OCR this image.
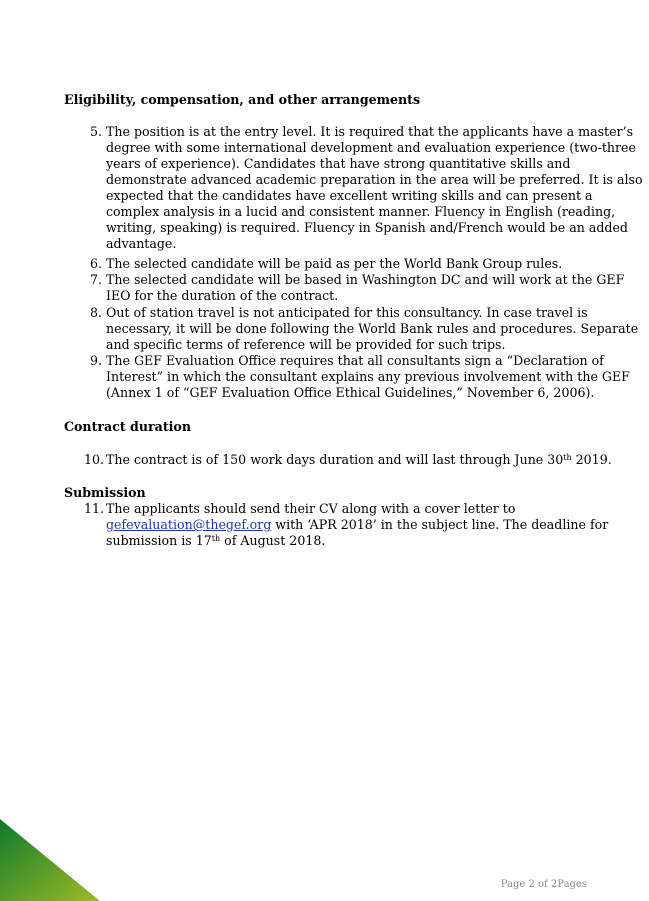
Eligibility, compensation, and other arrangements
5. The position is at the entry level. It is required that the applicants have a master’s
degree with some international development and evaluation experience (two-three
years of experience). Candidates that have strong quantitative skills and
demonstrate advanced academic preparation in the area will be preferred. It is also
expected that the candidates have excellent writing skills and can present a
complex analysis in a lucid and consistent manner. Fluency in English (reading,
writing, speaking) is required. Fluency in Spanish and/French would be an added
advantage.
6. The selected candidate will be paid as per the World Bank Group rules.
7. The selected candidate will be based in Washington DC and will work at the GEF
IEO for the duration of the contract.
8. Out of station travel is not anticipated for this consultancy. In case travel is
necessary, it will be done following the World Bank rules and procedures. Separate
and specific terms of reference will be provided for such trips.
9. The GEF Evaluation Office requires that all consultants sign a “Declaration of
Interest” in which the consultant explains any previous involvement with the GEF
(Annex 1 of “GEF Evaluation Office Ethical Guidelines,” November 6, 2006).
Contract duration
10. The contract is of 150 work days duration and will last through June 30th 2019.
Submission
11. The applicants should send their CV along with a cover letter to
gefevaluation@thegef.org with ‘APR 2018’ in the subject line. The deadline for
submission is 17th of August 2018.
Page 2 of 2Pages
